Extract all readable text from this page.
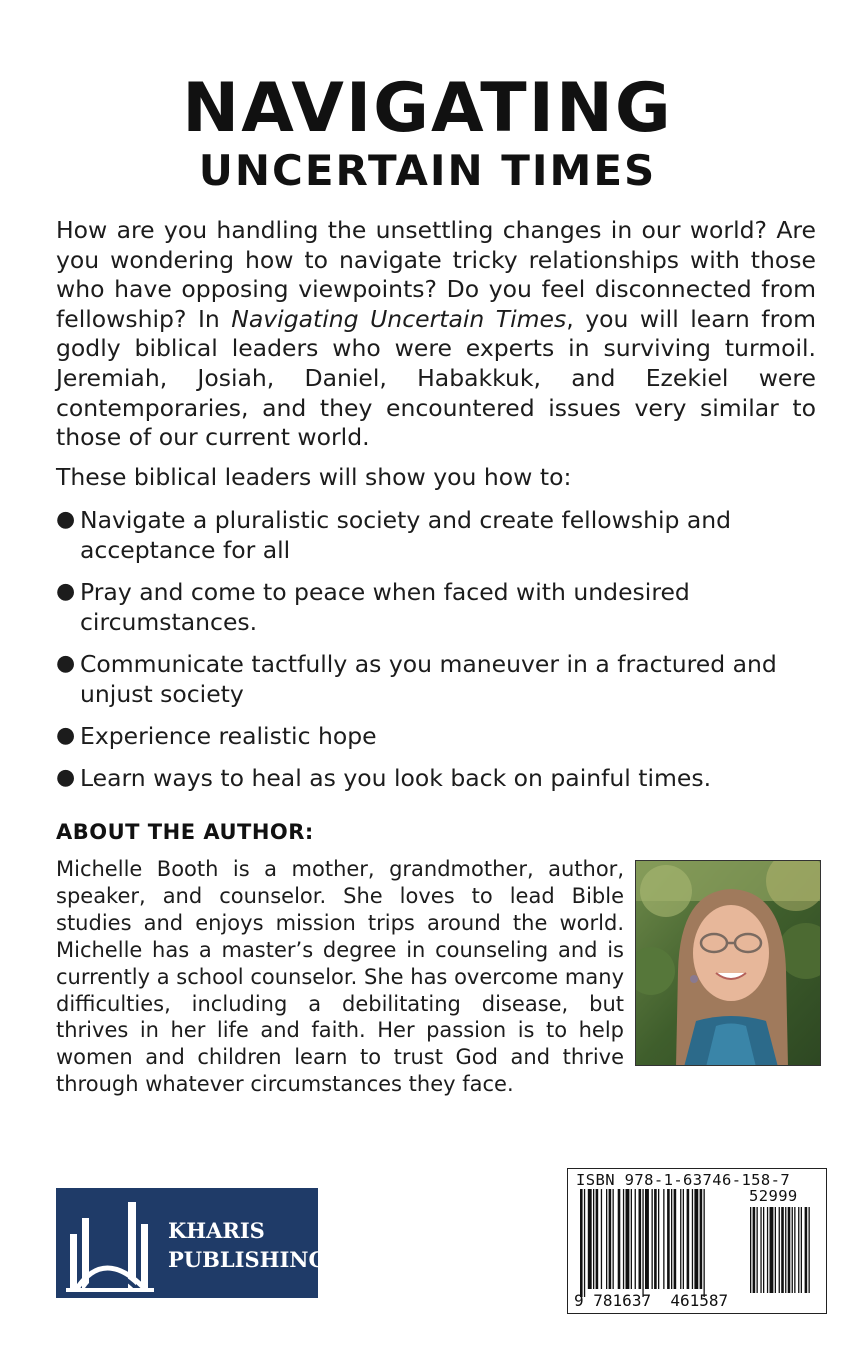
NAVIGATING
UNCERTAIN TIMES

How are you handling the unsettling changes in our world? Are you wondering how to navigate tricky relationships with those who have opposing viewpoints? Do you feel disconnected from fellowship? In Navigating Uncertain Times, you will learn from godly biblical leaders who were experts in surviving turmoil. Jeremiah, Josiah, Daniel, Habakkuk, and Ezekiel were contemporaries, and they encountered issues very similar to those of our current world.

These biblical leaders will show you how to:

● Navigate a pluralistic society and create fellowship and acceptance for all
● Pray and come to peace when faced with undesired circumstances.
● Communicate tactfully as you maneuver in a fractured and unjust society
● Experience realistic hope
● Learn ways to heal as you look back on painful times.
ABOUT THE AUTHOR:

Michelle Booth is a mother, grandmother, author, speaker, and counselor. She loves to lead Bible studies and enjoys mission trips around the world. Michelle has a master’s degree in counseling and is currently a school counselor. She has overcome many difficulties, including a debilitating disease, but thrives in her life and faith. Her passion is to help women and children learn to trust God and thrive through whatever circumstances they face.

KHARIS
PUBLISHING
ISBN 978-1-63746-158-7
52999
9 781637 461587
